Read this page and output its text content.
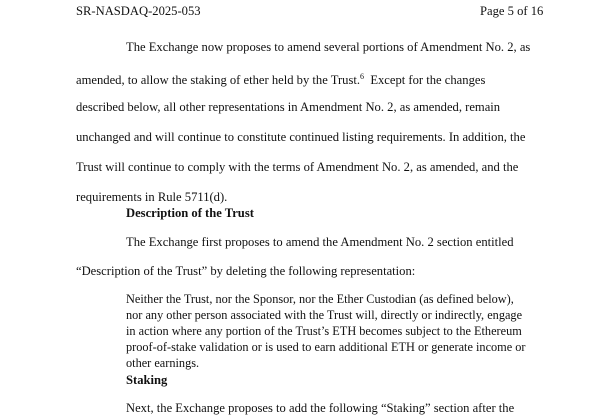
SR-NASDAQ-2025-053	Page 5 of 16
The Exchange now proposes to amend several portions of Amendment No. 2, as
amended, to allow the staking of ether held by the Trust.$^6$ Except for the changes
described below, all other representations in Amendment No. 2, as amended, remain
unchanged and will continue to constitute continued listing requirements. In addition, the
Trust will continue to comply with the terms of Amendment No. 2, as amended, and the
requirements in Rule 5711(d).
Description of the Trust
The Exchange first proposes to amend the Amendment No. 2 section entitled
“Description of the Trust” by deleting the following representation:
Neither the Trust, nor the Sponsor, nor the Ether Custodian (as defined below),
nor any other person associated with the Trust will, directly or indirectly, engage
in action where any portion of the Trust’s ETH becomes subject to the Ethereum
proof-of-stake validation or is used to earn additional ETH or generate income or
other earnings.
Staking
Next, the Exchange proposes to add the following “Staking” section after the
